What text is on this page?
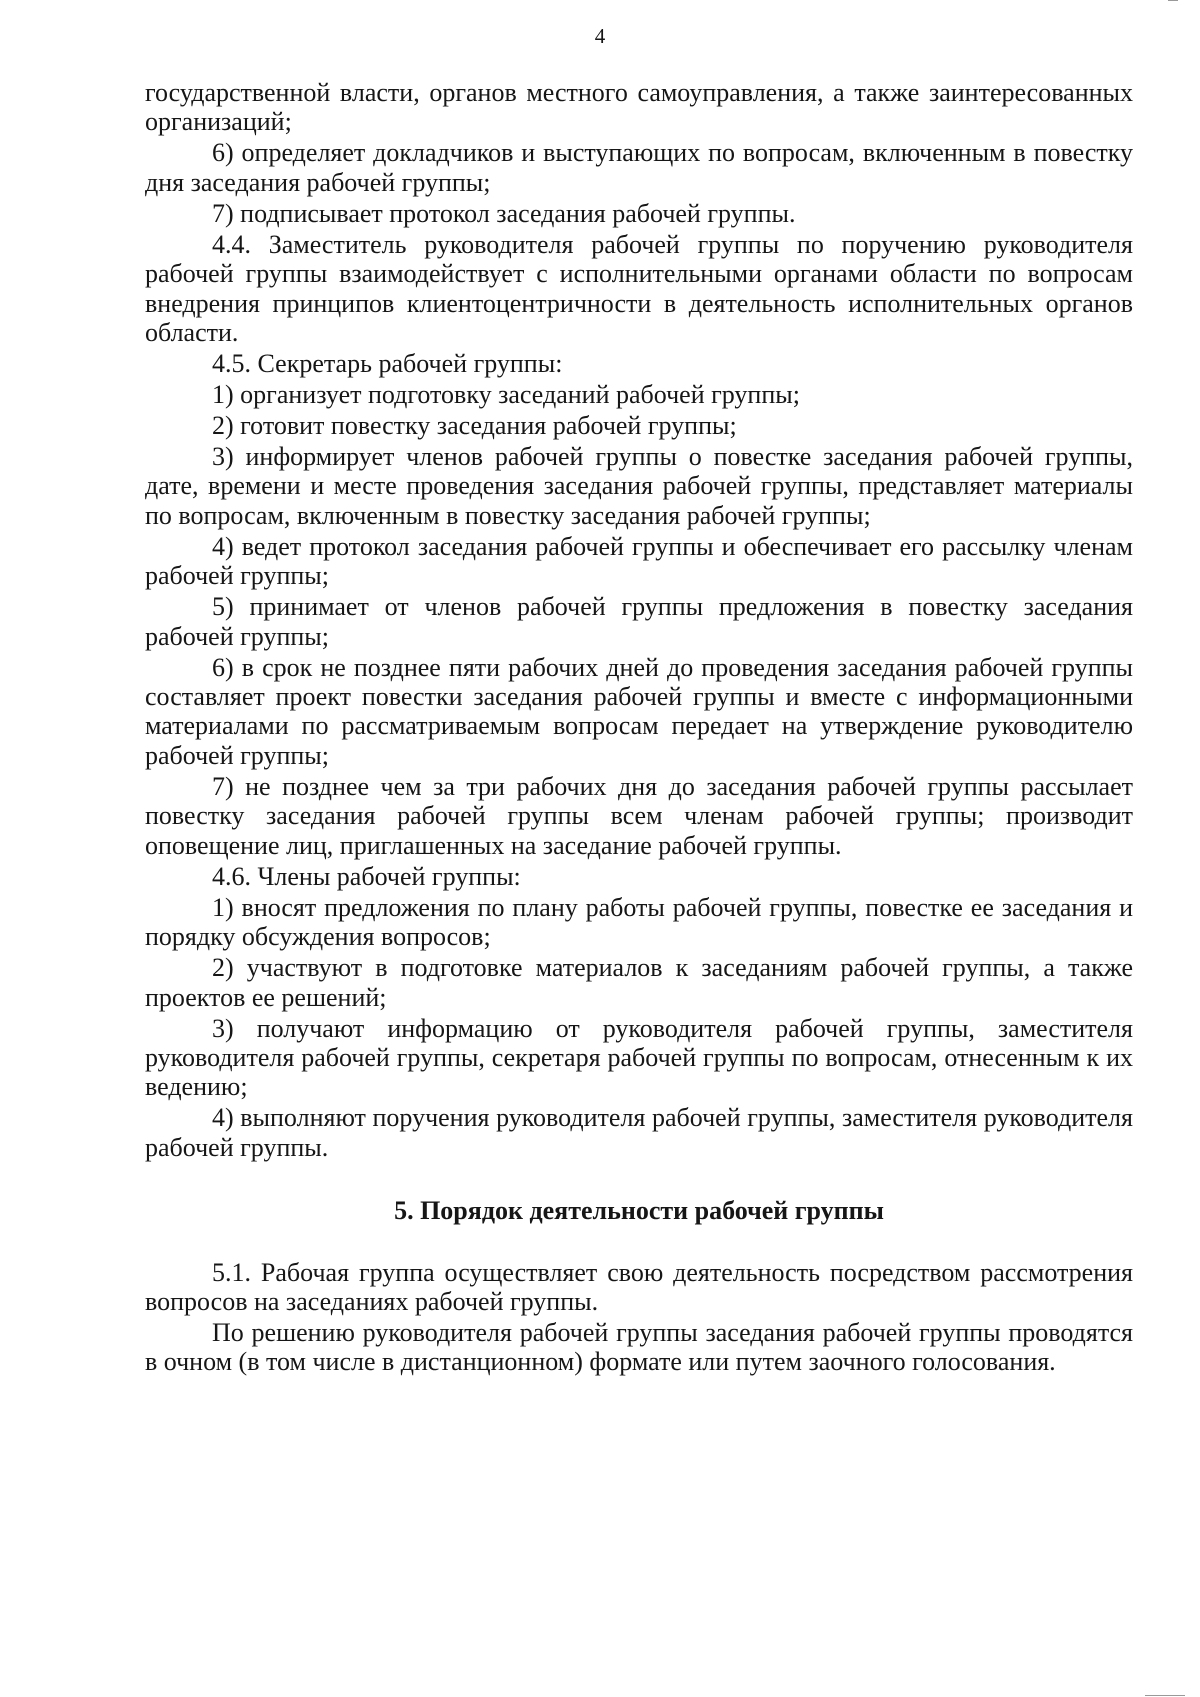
4

государственной власти, органов местного самоуправления, а также заинтересованных организаций;

6) определяет докладчиков и выступающих по вопросам, включенным в повестку дня заседания рабочей группы;

7) подписывает протокол заседания рабочей группы.

4.4. Заместитель руководителя рабочей группы по поручению руководителя рабочей группы взаимодействует с исполнительными органами области по вопросам внедрения принципов клиентоцентричности в деятельность исполнительных органов области.

4.5. Секретарь рабочей группы:

1) организует подготовку заседаний рабочей группы;

2) готовит повестку заседания рабочей группы;

3) информирует членов рабочей группы о повестке заседания рабочей группы, дате, времени и месте проведения заседания рабочей группы, представляет материалы по вопросам, включенным в повестку заседания рабочей группы;

4) ведет протокол заседания рабочей группы и обеспечивает его рассылку членам рабочей группы;

5) принимает от членов рабочей группы предложения в повестку заседания рабочей группы;

6) в срок не позднее пяти рабочих дней до проведения заседания рабочей группы составляет проект повестки заседания рабочей группы и вместе с информационными материалами по рассматриваемым вопросам передает на утверждение руководителю рабочей группы;

7) не позднее чем за три рабочих дня до заседания рабочей группы рассылает повестку заседания рабочей группы всем членам рабочей группы; производит оповещение лиц, приглашенных на заседание рабочей группы.

4.6. Члены рабочей группы:

1) вносят предложения по плану работы рабочей группы, повестке ее заседания и порядку обсуждения вопросов;

2) участвуют в подготовке материалов к заседаниям рабочей группы, а также проектов ее решений;

3) получают информацию от руководителя рабочей группы, заместителя руководителя рабочей группы, секретаря рабочей группы по вопросам, отнесенным к их ведению;

4) выполняют поручения руководителя рабочей группы, заместителя руководителя рабочей группы.

5. Порядок деятельности рабочей группы

5.1. Рабочая группа осуществляет свою деятельность посредством рассмотрения вопросов на заседаниях рабочей группы.

По решению руководителя рабочей группы заседания рабочей группы проводятся в очном (в том числе в дистанционном) формате или путем заочного голосования.
